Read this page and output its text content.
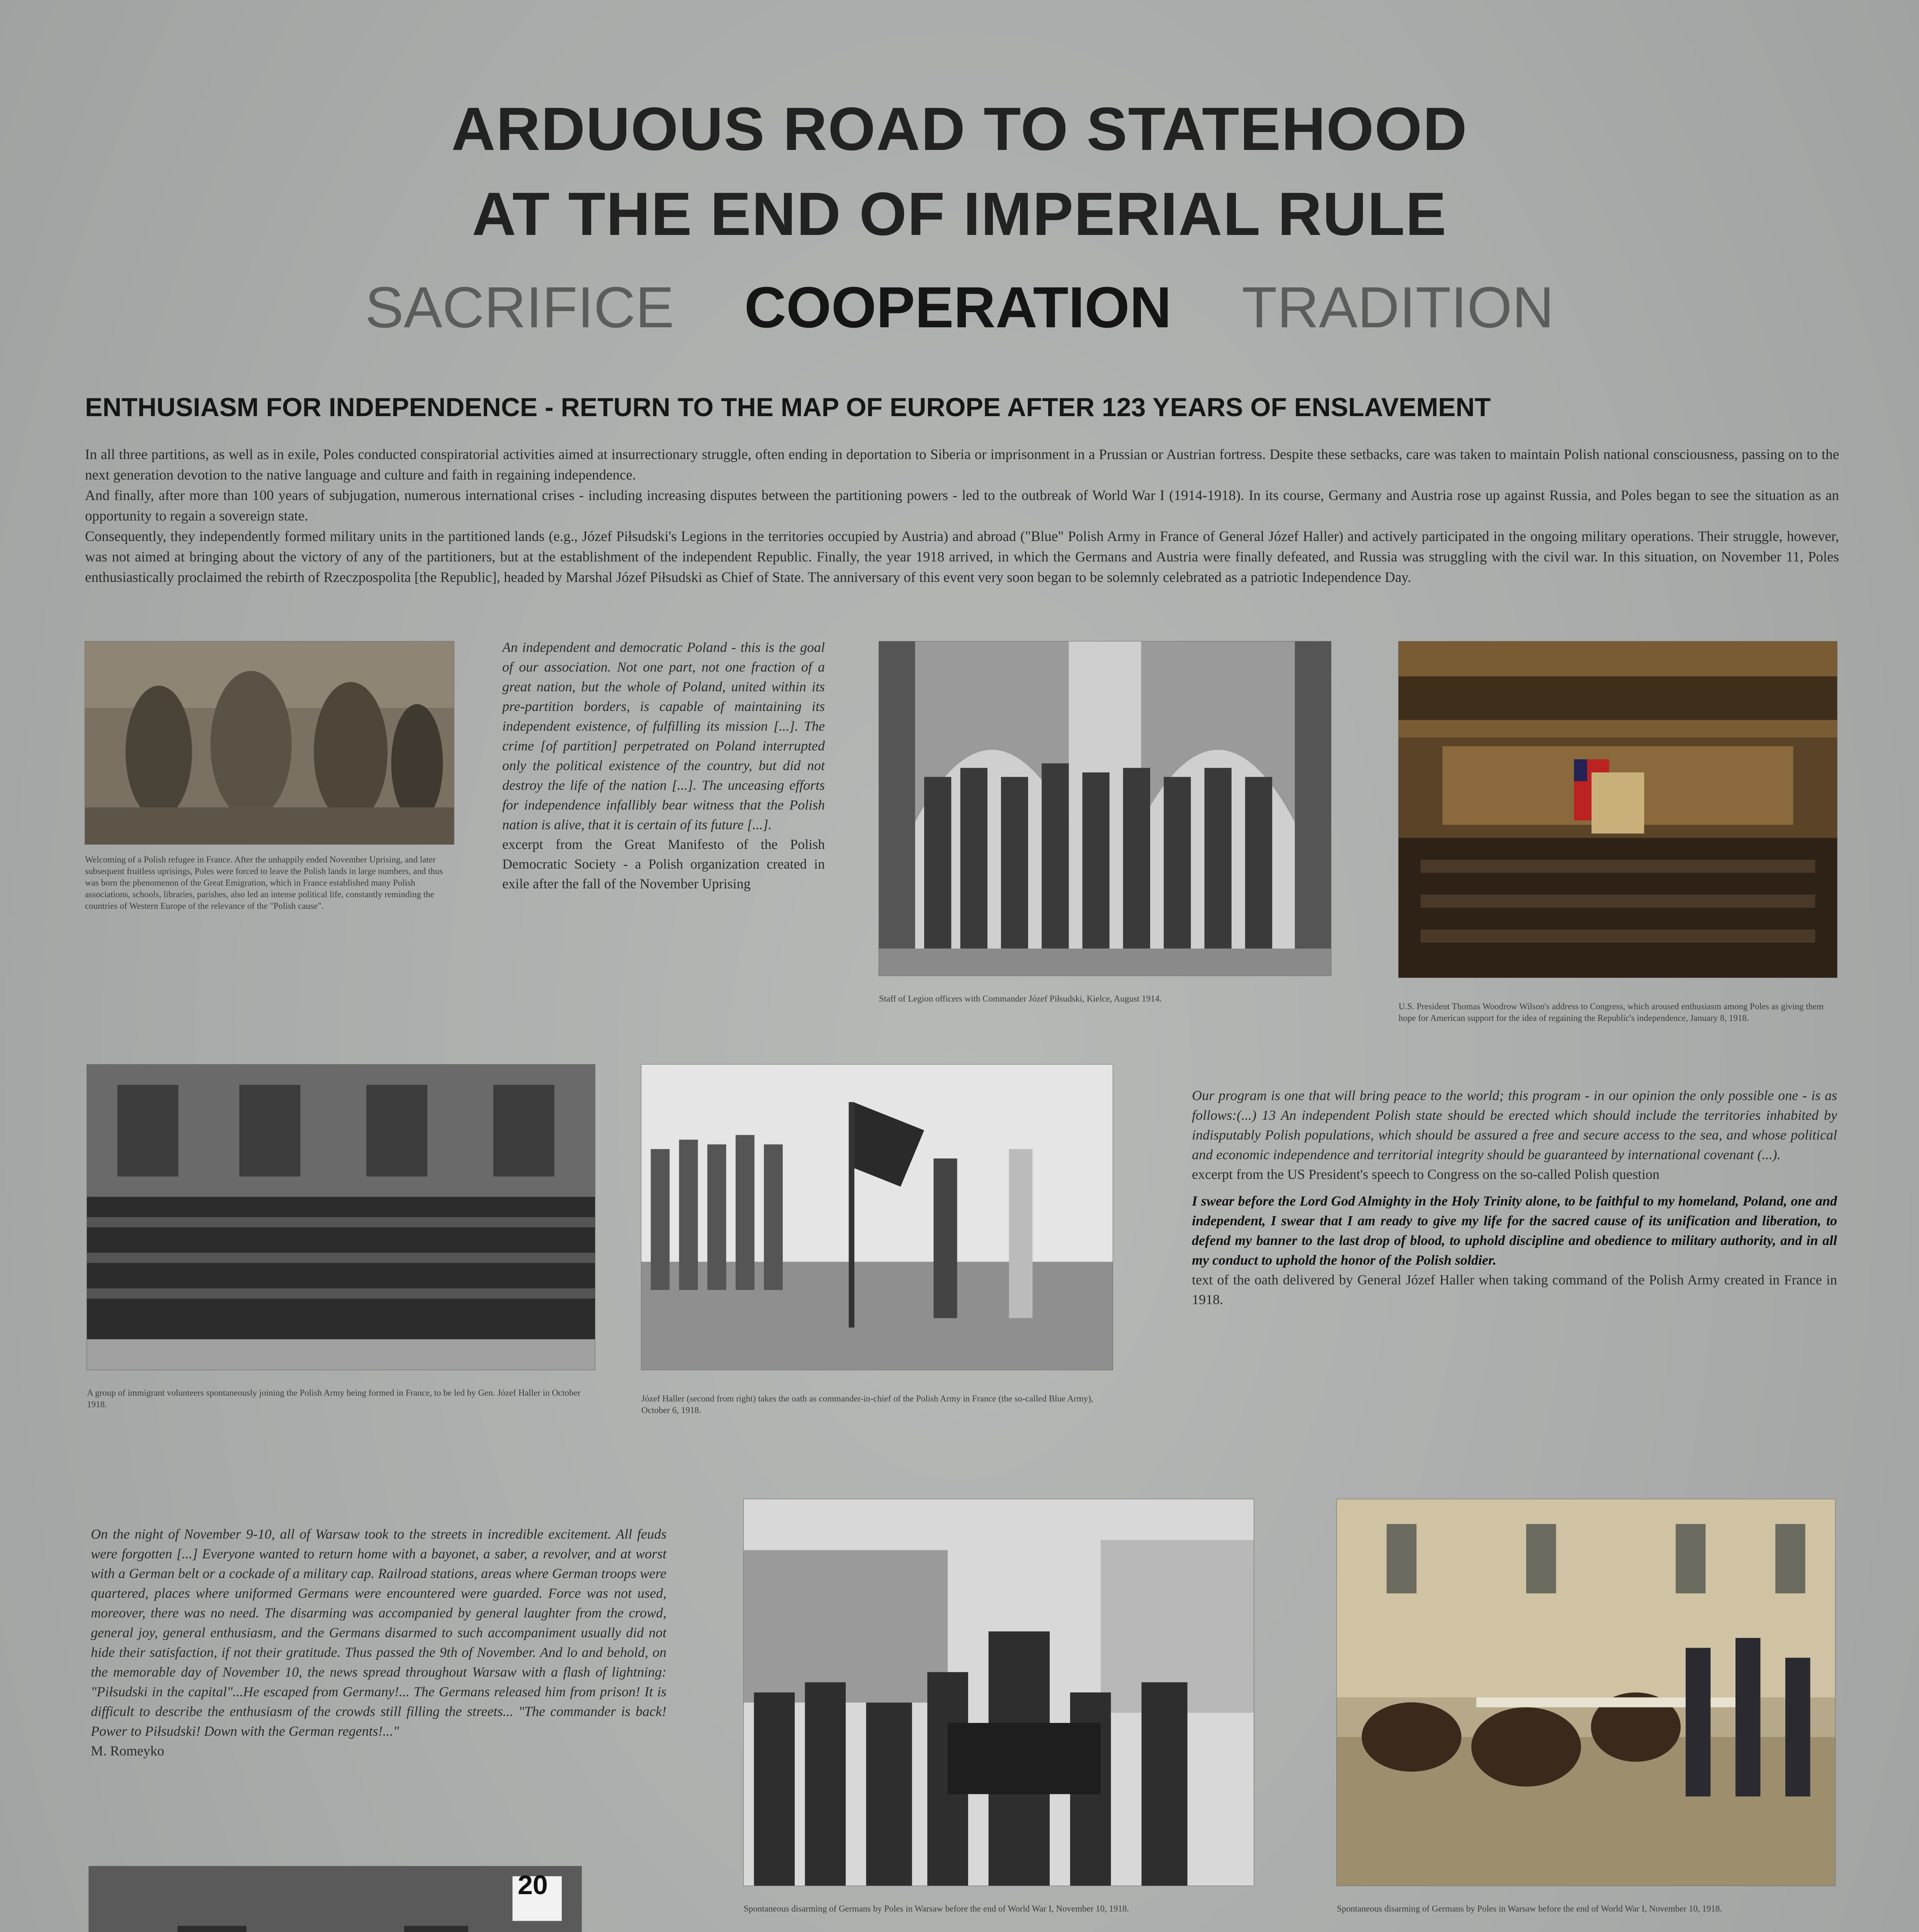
ARDUOUS ROAD TO STATEHOOD
AT THE END OF IMPERIAL RULE
SACRIFICE COOPERATION TRADITION
ENTHUSIASM FOR INDEPENDENCE - RETURN TO THE MAP OF EUROPE AFTER 123 YEARS OF ENSLAVEMENT

In all three partitions, as well as in exile, Poles conducted conspiratorial activities aimed at insurrectionary struggle, often ending in deportation to Siberia or imprisonment in a Prussian or Austrian fortress. Despite these setbacks, care was taken to maintain Polish national consciousness, passing on to the next generation devotion to the native language and culture and faith in regaining independence.

And finally, after more than 100 years of subjugation, numerous international crises - including increasing disputes between the partitioning powers - led to the outbreak of World War I (1914-1918). In its course, Germany and Austria rose up against Russia, and Poles began to see the situation as an opportunity to regain a sovereign state.

Consequently, they independently formed military units in the partitioned lands (e.g., Józef Piłsudski's Legions in the territories occupied by Austria) and abroad ("Blue" Polish Army in France of General Józef Haller) and actively participated in the ongoing military operations. Their struggle, however, was not aimed at bringing about the victory of any of the partitioners, but at the establishment of the independent Republic. Finally, the year 1918 arrived, in which the Germans and Austria were finally defeated, and Russia was struggling with the civil war. In this situation, on November 11, Poles enthusiastically proclaimed the rebirth of Rzeczpospolita [the Republic], headed by Marshal Józef Piłsudski as Chief of State. The anniversary of this event very soon began to be solemnly celebrated as a patriotic Independence Day.

Welcoming of a Polish refugee in France. After the unhappily ended November Uprising, and later subsequent fruitless uprisings, Poles were forced to leave the Polish lands in large numbers, and thus was born the phenomenon of the Great Emigration, which in France established many Polish associations, schools, libraries, parishes, also led an intense political life, constantly reminding the countries of Western Europe of the relevance of the "Polish cause".

An independent and democratic Poland - this is the goal of our association. Not one part, not one fraction of a great nation, but the whole of Poland, united within its pre-partition borders, is capable of maintaining its independent existence, of fulfilling its mission [...]. The crime [of partition] perpetrated on Poland interrupted only the political existence of the country, but did not destroy the life of the nation [...]. The unceasing efforts for independence infallibly bear witness that the Polish nation is alive, that it is certain of its future [...].

excerpt from the Great Manifesto of the Polish Democratic Society - a Polish organization created in exile after the fall of the November Uprising

Staff of Legion officers with Commander Józef Piłsudski, Kielce, August 1914.
U.S. President Thomas Woodrow Wilson's address to Congress, which aroused enthusiasm among Poles as giving them hope for American support for the idea of regaining the Republic's independence, January 8, 1918.
A group of immigrant volunteers spontaneously joining the Polish Army being formed in France, to be led by Gen. Józef Haller in October 1918.
Józef Haller (second from right) takes the oath as commander-in-chief of the Polish Army in France (the so-called Blue Army), October 6, 1918.

Our program is one that will bring peace to the world; this program - in our opinion the only possible one - is as follows:(...) 13 An independent Polish state should be erected which should include the territories inhabited by indisputably Polish populations, which should be assured a free and secure access to the sea, and whose political and economic independence and territorial integrity should be guaranteed by international covenant (...).

excerpt from the US President's speech to Congress on the so-called Polish question

I swear before the Lord God Almighty in the Holy Trinity alone, to be faithful to my homeland, Poland, one and independent, I swear that I am ready to give my life for the sacred cause of its unification and liberation, to defend my banner to the last drop of blood, to uphold discipline and obedience to military authority, and in all my conduct to uphold the honor of the Polish soldier.

text of the oath delivered by General Józef Haller when taking command of the Polish Army created in France in 1918.

On the night of November 9-10, all of Warsaw took to the streets in incredible excitement. All feuds were forgotten [...] Everyone wanted to return home with a bayonet, a saber, a revolver, and at worst with a German belt or a cockade of a military cap. Railroad stations, areas where German troops were quartered, places where uniformed Germans were encountered were guarded. Force was not used, moreover, there was no need. The disarming was accompanied by general laughter from the crowd, general joy, general enthusiasm, and the Germans disarmed to such accompaniment usually did not hide their satisfaction, if not their gratitude. Thus passed the 9th of November. And lo and behold, on the memorable day of November 10, the news spread throughout Warsaw with a flash of lightning: "Piłsudski in the capital"...He escaped from Germany!... The Germans released him from prison! It is difficult to describe the enthusiasm of the crowds still filling the streets... "The commander is back! Power to Piłsudski! Down with the German regents!..."

M. Romeyko

Spontaneous disarming of Germans by Poles in Warsaw before the end of World War I, November 10, 1918.	Spontaneous disarming of Germans by Poles in Warsaw before the end of World War I, November 10, 1918.
20
